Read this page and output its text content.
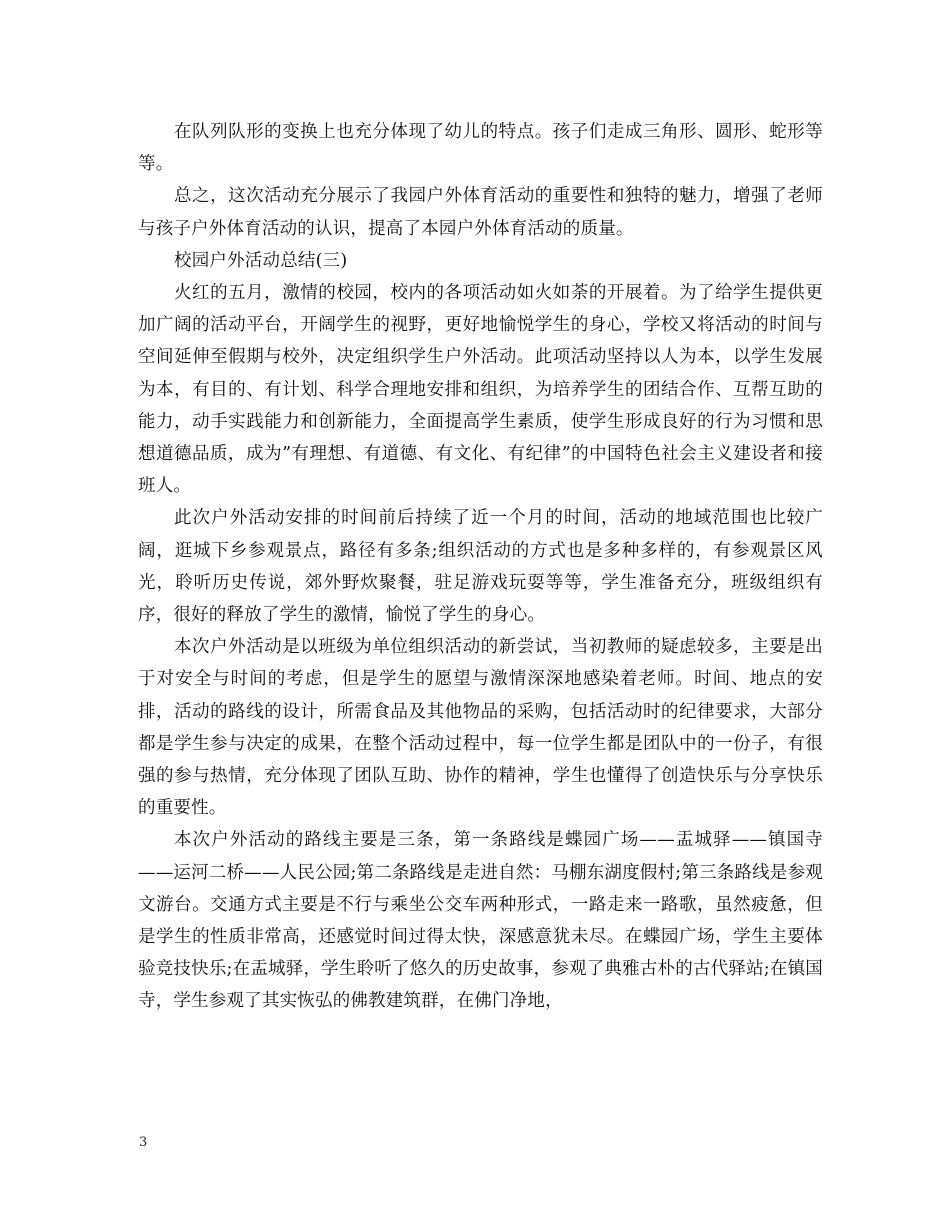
在队列队形的变换上也充分体现了幼儿的特点。孩子们走成三角形、圆形、蛇形等等。

总之，这次活动充分展示了我园户外体育活动的重要性和独特的魅力，增强了老师与孩子户外体育活动的认识，提高了本园户外体育活动的质量。

校园户外活动总结(三)

火红的五月，激情的校园，校内的各项活动如火如荼的开展着。为了给学生提供更加广阔的活动平台，开阔学生的视野，更好地愉悦学生的身心，学校又将活动的时间与空间延伸至假期与校外，决定组织学生户外活动。此项活动坚持以人为本，以学生发展为本，有目的、有计划、科学合理地安排和组织，为培养学生的团结合作、互帮互助的能力，动手实践能力和创新能力，全面提高学生素质，使学生形成良好的行为习惯和思想道德品质，成为”有理想、有道德、有文化、有纪律”的中国特色社会主义建设者和接班人。

此次户外活动安排的时间前后持续了近一个月的时间，活动的地域范围也比较广阔，逛城下乡参观景点，路径有多条;组织活动的方式也是多种多样的，有参观景区风光，聆听历史传说，郊外野炊聚餐，驻足游戏玩耍等等，学生准备充分，班级组织有序，很好的释放了学生的激情，愉悦了学生的身心。

本次户外活动是以班级为单位组织活动的新尝试，当初教师的疑虑较多，主要是出于对安全与时间的考虑，但是学生的愿望与激情深深地感染着老师。时间、地点的安排，活动的路线的设计，所需食品及其他物品的采购，包括活动时的纪律要求，大部分都是学生参与决定的成果，在整个活动过程中，每一位学生都是团队中的一份子，有很强的参与热情，充分体现了团队互助、协作的精神，学生也懂得了创造快乐与分享快乐的重要性。

本次户外活动的路线主要是三条，第一条路线是蝶园广场——盂城驿——镇国寺——运河二桥——人民公园;第二条路线是走进自然：马棚东湖度假村;第三条路线是参观文游台。交通方式主要是不行与乘坐公交车两种形式，一路走来一路歌，虽然疲惫，但是学生的性质非常高，还感觉时间过得太快，深感意犹未尽。在蝶园广场，学生主要体验竞技快乐;在盂城驿，学生聆听了悠久的历史故事，参观了典雅古朴的古代驿站;在镇国寺，学生参观了其实恢弘的佛教建筑群，在佛门净地，

3
